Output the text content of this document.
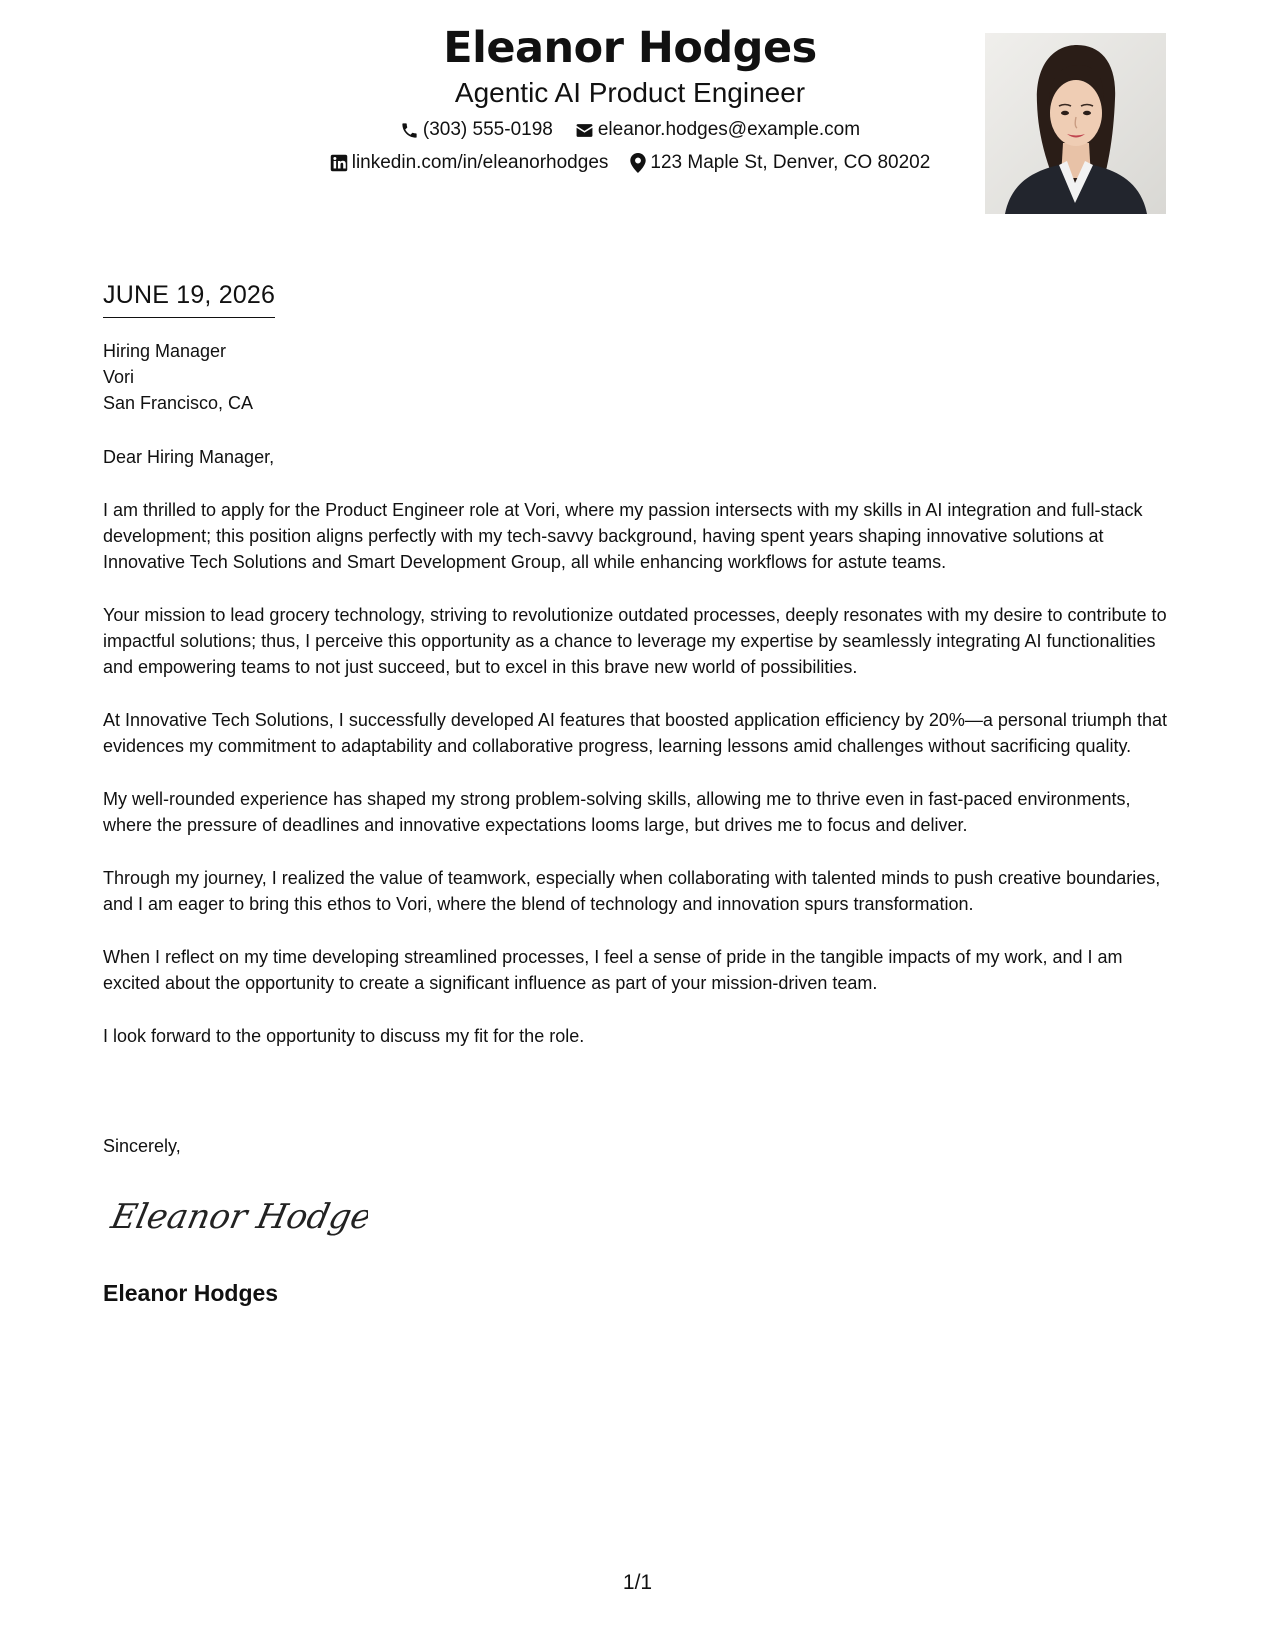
Eleanor Hodges
Agentic AI Product Engineer
(303) 555-0198 eleanor.hodges@example.com
linkedin.com/in/eleanorhodges 123 Maple St, Denver, CO 80202
JUNE 19, 2026
Hiring Manager
Vori
San Francisco, CA
Dear Hiring Manager,

I am thrilled to apply for the Product Engineer role at Vori, where my passion intersects with my skills in AI integration and full-stack development; this position aligns perfectly with my tech-savvy background, having spent years shaping innovative solutions at Innovative Tech Solutions and Smart Development Group, all while enhancing workflows for astute teams.

Your mission to lead grocery technology, striving to revolutionize outdated processes, deeply resonates with my desire to contribute to impactful solutions; thus, I perceive this opportunity as a chance to leverage my expertise by seamlessly integrating AI functionalities and empowering teams to not just succeed, but to excel in this brave new world of possibilities.

At Innovative Tech Solutions, I successfully developed AI features that boosted application efficiency by 20%—a personal triumph that evidences my commitment to adaptability and collaborative progress, learning lessons amid challenges without sacrificing quality.

My well-rounded experience has shaped my strong problem-solving skills, allowing me to thrive even in fast-paced environments, where the pressure of deadlines and innovative expectations looms large, but drives me to focus and deliver.

Through my journey, I realized the value of teamwork, especially when collaborating with talented minds to push creative boundaries, and I am eager to bring this ethos to Vori, where the blend of technology and innovation spurs transformation.

When I reflect on my time developing streamlined processes, I feel a sense of pride in the tangible impacts of my work, and I am excited about the opportunity to create a significant influence as part of your mission-driven team.

I look forward to the opportunity to discuss my fit for the role.

Sincerely,
Eleanor Hodges
Eleanor Hodges
1/1
